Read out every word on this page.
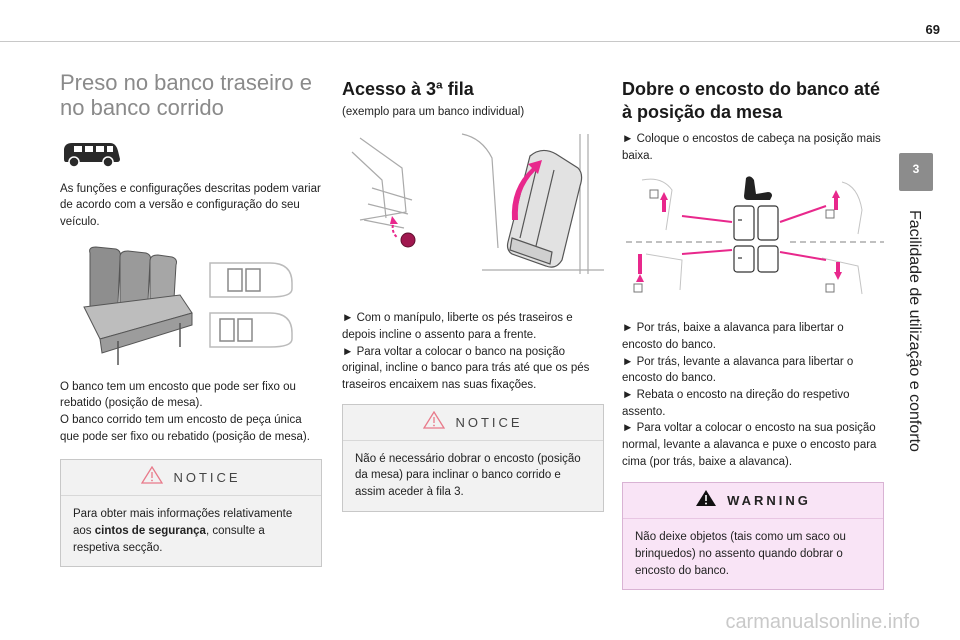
69
3
Facilidade de utilização e conforto
Preso no banco traseiro e no banco corrido
As funções e configurações descritas podem variar de acordo com a versão e configuração do seu veículo.
O banco tem um encosto que pode ser fixo ou rebatido (posição de mesa).
O banco corrido tem um encosto de peça única que pode ser fixo ou rebatido (posição de mesa).
NOTICE
Para obter mais informações relativamente aos cintos de segurança, consulte a respetiva secção.
Acesso à 3ª fila
(exemplo para um banco individual)
► Com o manípulo, liberte os pés traseiros e depois incline o assento para a frente.
► Para voltar a colocar o banco na posição original, incline o banco para trás até que os pés traseiros encaixem nas suas fixações.
NOTICE
Não é necessário dobrar o encosto (posição da mesa) para inclinar o banco corrido e assim aceder à fila 3.
Dobre o encosto do banco até à posição da mesa
► Coloque o encostos de cabeça na posição mais baixa.
► Por trás, baixe a alavanca para libertar o encosto do banco.
► Por trás, levante a alavanca para libertar o encosto do banco.
► Rebata o encosto na direção do respetivo assento.
► Para voltar a colocar o encosto na sua posição normal, levante a alavanca e puxe o encosto para cima (por trás, baixe a alavanca).
WARNING
Não deixe objetos (tais como um saco ou brinquedos) no assento quando dobrar o encosto do banco.
carmanualsonline.info
